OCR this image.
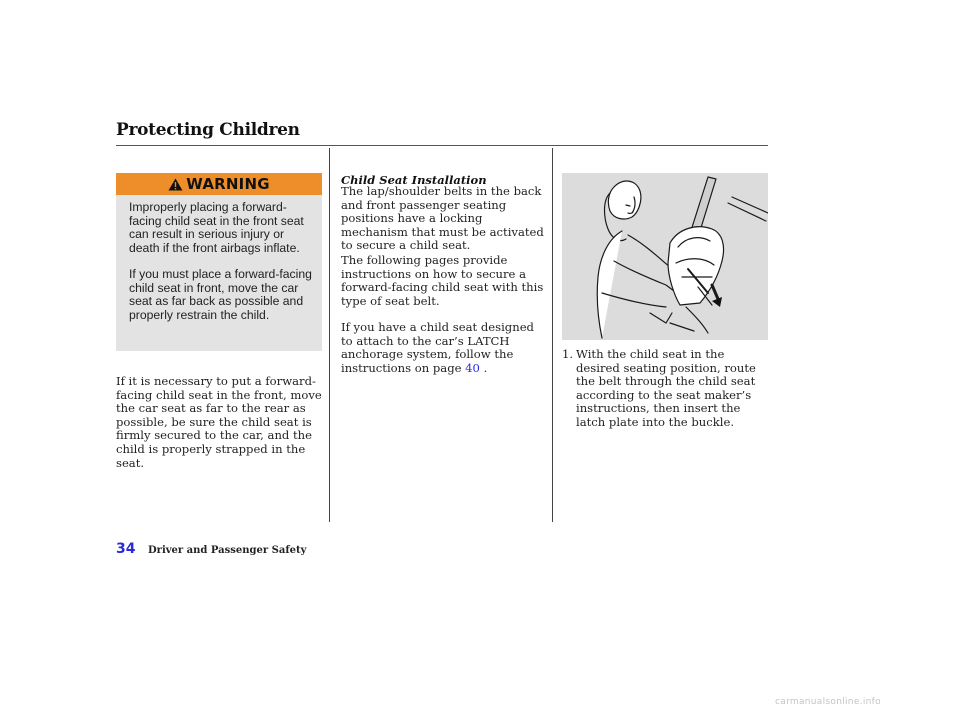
Protecting Children
WARNING
Improperly placing a forward-facing child seat in the front seat can result in serious injury or death if the front airbags inflate.
If you must place a forward-facing child seat in front, move the car seat as far back as possible and properly restrain the child.
If it is necessary to put a forward-facing child seat in the front, move the car seat as far to the rear as possible, be sure the child seat is firmly secured to the car, and the child is properly strapped in the seat.
Child Seat Installation
The lap/shoulder belts in the back and front passenger seating positions have a locking mechanism that must be activated to secure a child seat.
The following pages provide instructions on how to secure a forward-facing child seat with this type of seat belt.
If you have a child seat designed to attach to the car’s LATCH anchorage system, follow the instructions on page 40 .
1. With the child seat in the desired seating position, route the belt through the child seat according to the seat maker’s instructions, then insert the latch plate into the buckle.
34 Driver and Passenger Safety
carmanualsonline.info
